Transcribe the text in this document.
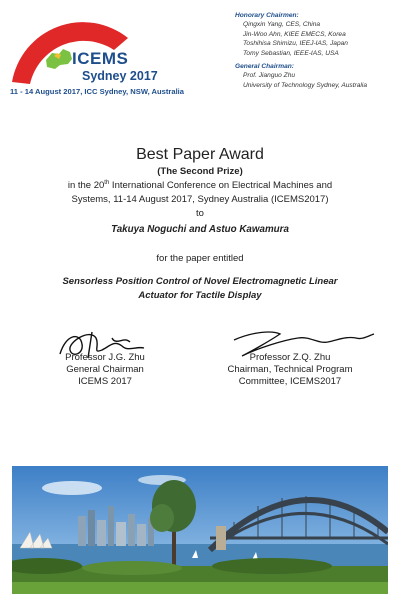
ICEMS
Sydney 2017
11 - 14 August 2017, ICC Sydney, NSW, Australia
Honorary Chairmen:
Qingxin Yang, CES, China
Jin-Woo Ahn, KIEE EMECS, Korea
Toshihisa Shimizu, IEEJ-IAS, Japan
Tomy Sebastian, IEEE-IAS, USA
General Chairman:
Prof. Jianguo Zhu
University of Technology Sydney, Australia
Best Paper Award
(The Second Prize)
in the 20th International Conference on Electrical Machines and
Systems, 11-14 August 2017, Sydney Australia (ICEMS2017)
to
Takuya Noguchi and Astuo Kawamura
for the paper entitled
Sensorless Position Control of Novel Electromagnetic Linear
Actuator for Tactile Display
Professor J.G. Zhu
General Chairman
ICEMS 2017
Professor Z.Q. Zhu
Chairman, Technical Program
Committee, ICEMS2017
